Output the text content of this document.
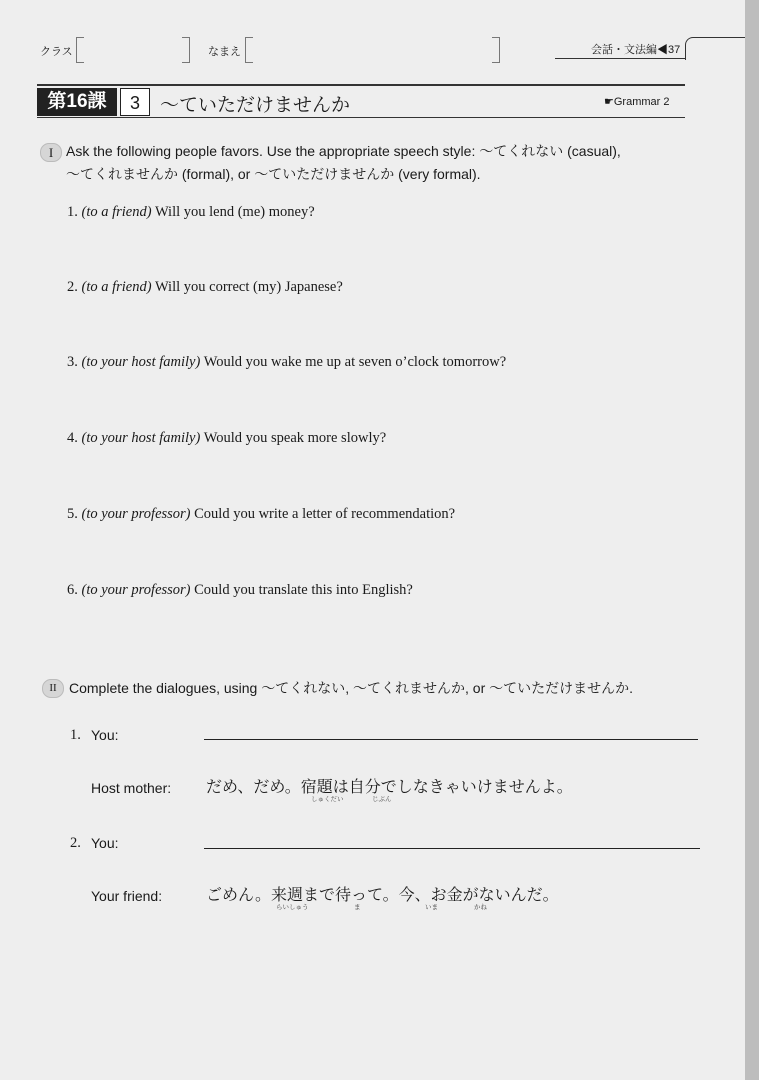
クラス	なまえ	会話・文法編◀37
第16課	3	～ていただけませんか	☛Grammar 2
I Ask the following people favors. Use the appropriate speech style: ～てくれない (casual),
～てくれませんか (formal), or ～ていただけませんか (very formal).
1. (to a friend) Will you lend (me) money?
2. (to a friend) Will you correct (my) Japanese?
3. (to your host family) Would you wake me up at seven o’clock tomorrow?
4. (to your host family) Would you speak more slowly?
5. (to your professor) Could you write a letter of recommendation?
6. (to your professor) Could you translate this into English?
II Complete the dialogues, using ～てくれない, ～てくれませんか, or ～ていただけませんか.
1. You:
Host mother: だめ、だめ。宿題は自分でしなきゃいけませんよ。
しゅくだい	じぶん
2. You:
Your friend:	ごめん。来週まで待って。今、お金がないんだ。
らいしゅう	ま	いま	かね
